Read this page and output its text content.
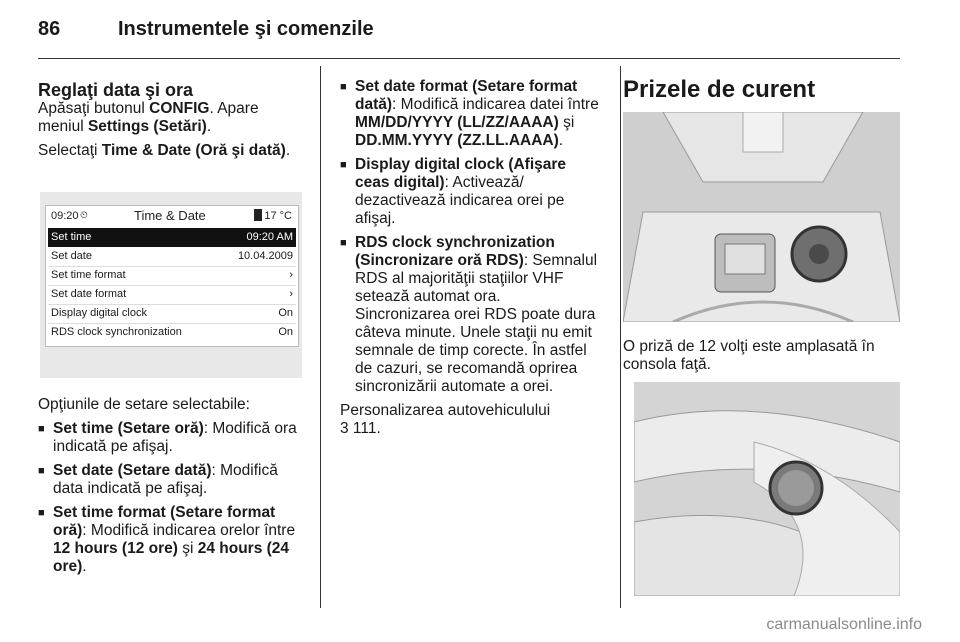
86	Instrumentele şi comenzile
Reglaţi data şi ora

Apăsaţi butonul CONFIG. Apare meniul Settings (Setări).

Selectaţi Time & Date (Oră şi dată).

09:20 ⏲	Time & Date	17 °C
Set time	09:20 AM
Set date	10.04.2009
Set time format	›
Set date format	›
Display digital clock	On
RDS clock synchronization	On

Opţiunile de setare selectabile:

■ Set time (Setare oră): Modifică ora indicată pe afişaj.
■ Set date (Setare dată): Modifică data indicată pe afişaj.
■ Set time format (Setare format oră): Modifică indicarea orelor între 12 hours (12 ore) şi 24 hours (24 ore).
■ Set date format (Setare format dată): Modifică indicarea datei între MM/DD/YYYY (LL/ZZ/AAAA) şi DD.MM.YYYY (ZZ.LL.AAAA).
■ Display digital clock (Afişare ceas digital): Activează/ dezactivează indicarea orei pe afişaj.
■ RDS clock synchronization (Sincronizare oră RDS): Semnalul RDS al majorităţii staţiilor VHF setează automat ora.
Sincronizarea orei RDS poate dura câteva minute. Unele staţii nu emit semnale de timp corecte. În astfel de cazuri, se recomandă oprirea sincronizării automate a orei.

Personalizarea autovehiculului
3 111.

Prizele de curent

O priză de 12 volţi este amplasată în consola faţă.

carmanualsonline.info
